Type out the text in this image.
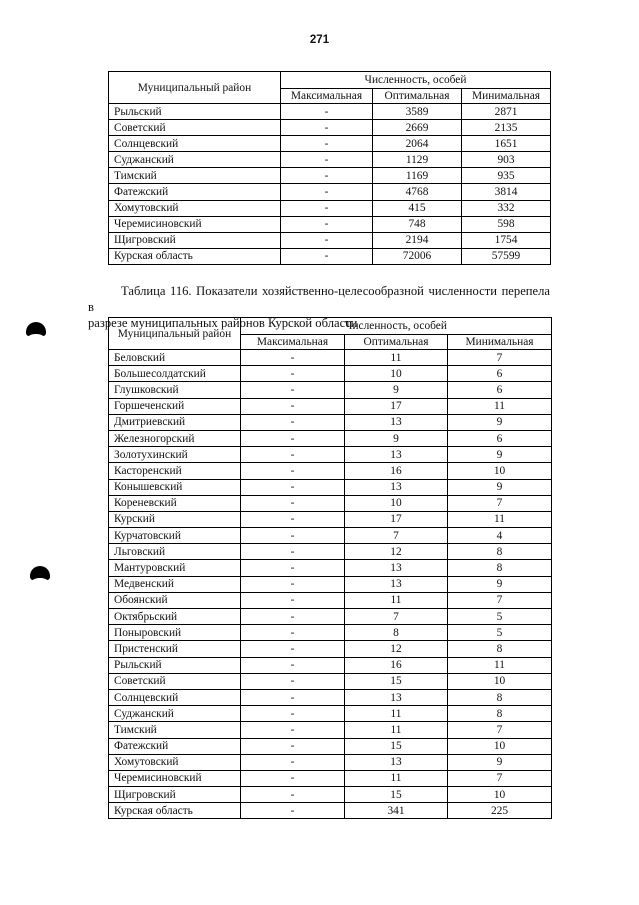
271
Муниципальный район	Численность, особей		
	Максимальная	Оптимальная	Минимальная
Рыльский	-	3589	2871
Советский	-	2669	2135
Солнцевский	-	2064	1651
Суджанский	-	1129	903
Тимский	-	1169	935
Фатежский	-	4768	3814
Хомутовский	-	415	332
Черемисиновский	-	748	598
Щигровский	-	2194	1754
Курская область	-	72006	57599
Таблица 116. Показатели хозяйственно-целесообразной численности перепела в
разрезе муниципальных районов Курской области
Муниципальный район	Численность, особей		
	Максимальная	Оптимальная	Минимальная
Беловский	-	11	7
Большесолдатский	-	10	6
Глушковский	-	9	6
Горшеченский	-	17	11
Дмитриевский	-	13	9
Железногорский	-	9	6
Золотухинский	-	13	9
Касторенский	-	16	10
Конышевский	-	13	9
Кореневский	-	10	7
Курский	-	17	11
Курчатовский	-	7	4
Льговский	-	12	8
Мантуровский	-	13	8
Медвенский	-	13	9
Обоянский	-	11	7
Октябрьский	-	7	5
Поныровский	-	8	5
Пристенский	-	12	8
Рыльский	-	16	11
Советский	-	15	10
Солнцевский	-	13	8
Суджанский	-	11	8
Тимский	-	11	7
Фатежский	-	15	10
Хомутовский	-	13	9
Черемисиновский	-	11	7
Щигровский	-	15	10
Курская область	-	341	225
